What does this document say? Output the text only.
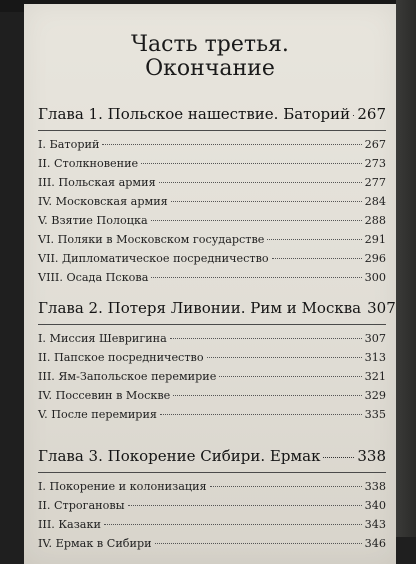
Часть третья.
Окончание
Глава 1. Польское нашествие. Баторий 267
I. Баторий	267
II. Столкновение	273
III. Польская армия	277
IV. Московская армия	284
V. Взятие Полоцка	288
VI. Поляки в Московском государстве	291
VII. Дипломатическое посредничество	296
VIII. Осада Пскова	300
Глава 2. Потеря Ливонии. Рим и Москва 307
I. Миссия Шевригина	307
II. Папское посредничество	313
III. Ям-Запольское перемирие	321
IV. Поссевин в Москве	329
V. После перемирия	335
Глава 3. Покорение Сибири. Ермак 338
I. Покорение и колонизация	338
II. Строгановы	340
III. Казаки	343
IV. Ермак в Сибири	346
